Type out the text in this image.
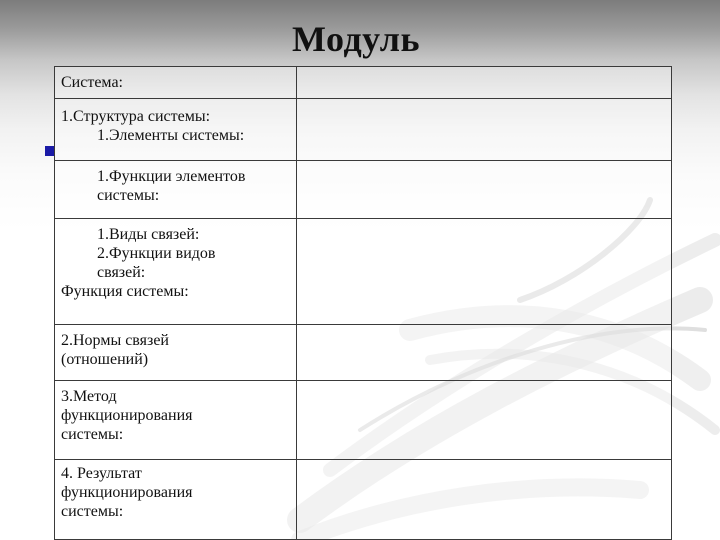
Модуль
Система:	

1.Структура системы:
1.Элементы системы:	

1.Функции элементов
системы:	

1.Виды связей:
2.Функции видов
связей:
Функция системы:	

2.Нормы связей
(отношений)	

3.Метод
функционирования
системы:	

4. Результат
функционирования
системы:	
